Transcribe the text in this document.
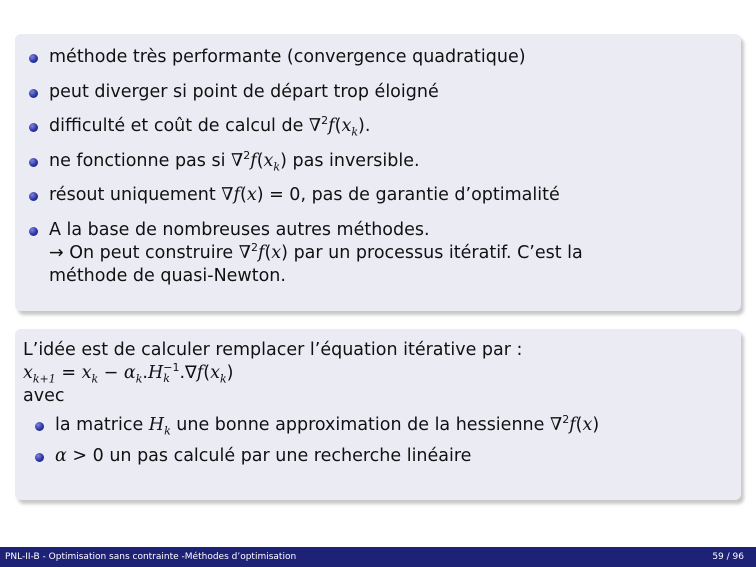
méthode très performante (convergence quadratique)
peut diverger si point de départ trop éloigné
difficulté et coût de calcul de $\nabla^2f(x_k)$.
ne fonctionne pas si $\nabla^2f(x_k)$ pas inversible.
résout uniquement ∇f(x) = 0, pas de garantie d’optimalité
A la base de nombreuses autres méthodes.
→ On peut construire ∇$^2$f(x) par un processus itératif. C’est la
méthode de quasi-Newton.
L’idée est de calculer remplacer l’équation itérative par :
$x_{k+1} = x_k - \alpha_k.H -1$
k $.\nabla f(x_k)$
avec
la matrice $H_k$ une bonne approximation de la hessienne ∇$^2$f(x)
α > 0 un pas calculé par une recherche linéaire
PNL-II-B - Optimisation sans contrainte -Méthodes d’optimisation	59 / 96
